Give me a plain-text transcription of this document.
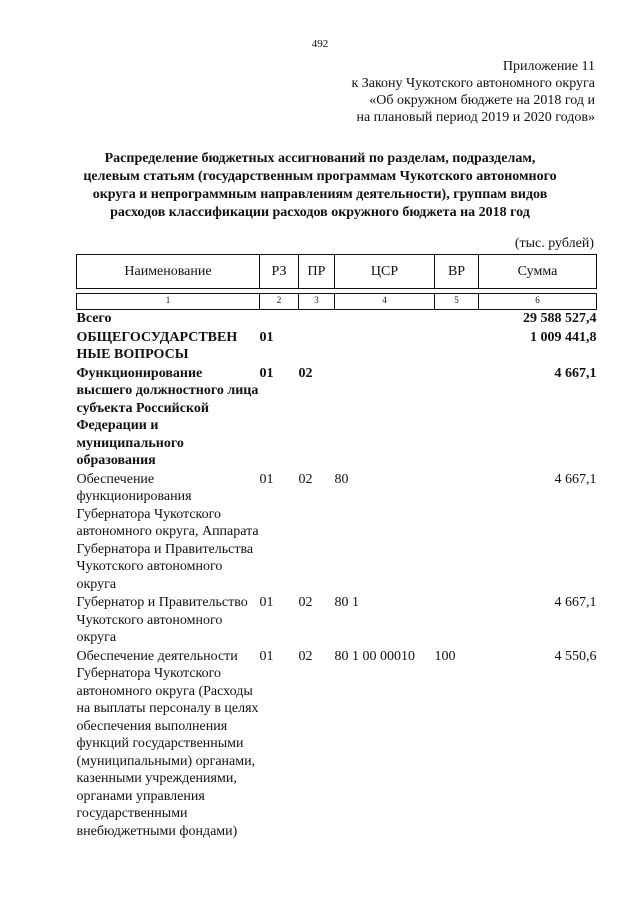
492
Приложение 11
к Закону Чукотского автономного округа
«Об окружном бюджете на 2018 год и
на плановый период 2019 и 2020 годов»
Распределение бюджетных ассигнований по разделам, подразделам,
целевым статьям (государственным программам Чукотского автономного
округа и непрограммным направлениям деятельности), группам видов
расходов классификации расходов окружного бюджета на 2018 год
(тыс. рублей)
Наименование	РЗ	ПР	ЦСР	ВР	Сумма

1	2	3	4	5	6
Всего					29 588 527,4
ОБЩЕГОСУДАРСТВЕН НЫЕ ВОПРОСЫ	01				1 009 441,8
Функционирование высшего должностного лица субъекта Российской Федерации и муниципального образования	01	02			4 667,1
Обеспечение функционирования Губернатора Чукотского автономного округа, Аппарата Губернатора и Правительства Чукотского автономного округа	01	02	80		4 667,1
Губернатор и Правительство Чукотского автономного округа	01	02	80 1		4 667,1
Обеспечение деятельности Губернатора Чукотского автономного округа (Расходы на выплаты персоналу в целях обеспечения выполнения функций государственными (муниципальными) органами, казенными учреждениями, органами управления государственными внебюджетными фондами)	01	02	80 1 00 00010	100	4 550,6
